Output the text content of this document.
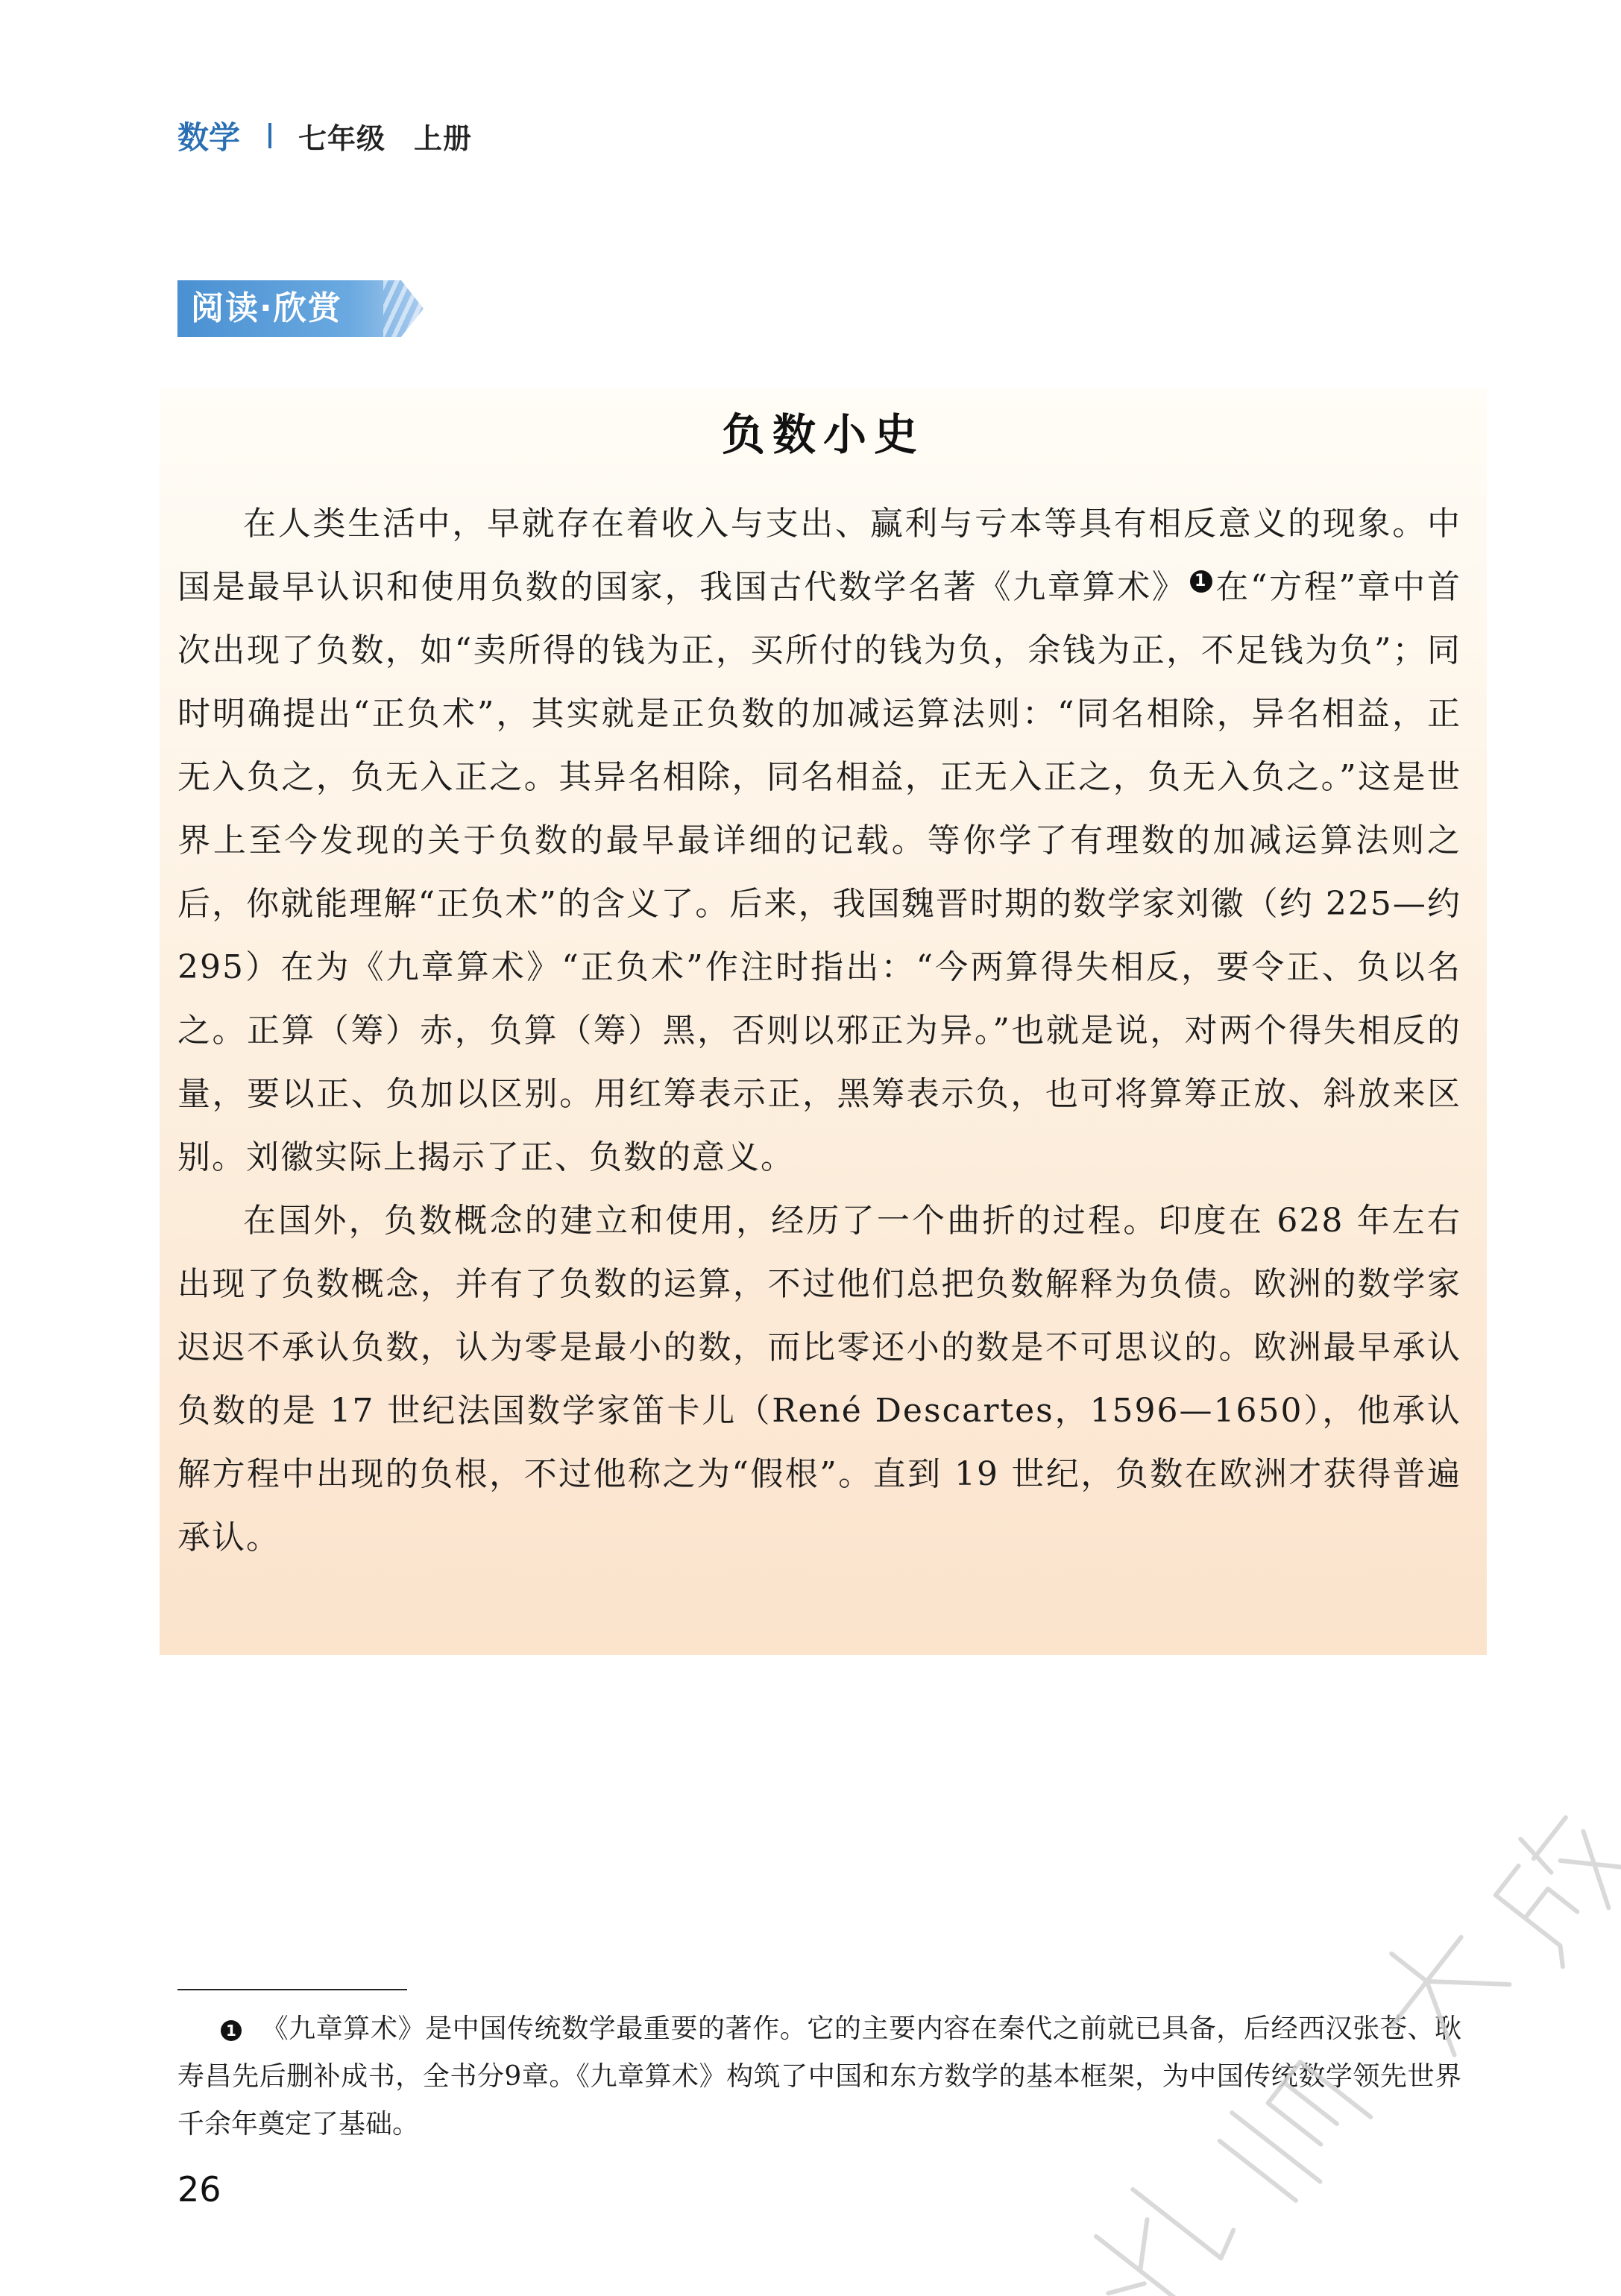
数学 七年级 上册
阅读·欣赏
负数小史

在人类生活中，早就存在着收入与支出、赢利与亏本等具有相反意义的现象。中国是最早认识和使用负数的国家，我国古代数学名著《九章算术》 1 在“方程”章中首次出现了负数，如“卖所得的钱为正，买所付的钱为负，余钱为正，不足钱为负”；同时明确提出“正负术”，其实就是正负数的加减运算法则：“同名相除，异名相益，正无入负之，负无入正之。其异名相除，同名相益，正无入正之，负无入负之。”这是世界上至今发现的关于负数的最早最详细的记载。等你学了有理数的加减运算法则之后，你就能理解“正负术”的含义了。后来，我国魏晋时期的数学家刘徽（约 225—约 295）在为《九章算术》“正负术”作注时指出：“今两算得失相反，要令正、负以名之。正算（筹）赤，负算（筹）黑，否则以邪正为异。”也就是说，对两个得失相反的量，要以正、负加以区别。用红筹表示正，黑筹表示负，也可将算筹正放、斜放来区别。刘徽实际上揭示了正、负数的意义。

在国外，负数概念的建立和使用，经历了一个曲折的过程。印度在 628 年左右出现了负数概念，并有了负数的运算，不过他们总把负数解释为负债。欧洲的数学家迟迟不承认负数，认为零是最小的数，而比零还小的数是不可思议的。欧洲最早承认负数的是 17 世纪法国数学家笛卡儿（René Descartes，1596—1650），他承认解方程中出现的负根，不过他称之为“假根”。直到 19 世纪，负数在欧洲才获得普遍承认。

1 《九章算术》是中国传统数学最重要的著作。它的主要内容在秦代之前就已具备，后经西汉张苍、耿寿昌先后删补成书，全书分9章。《九章算术》构筑了中国和东方数学的基本框架，为中国传统数学领先世界千余年奠定了基础。
26
